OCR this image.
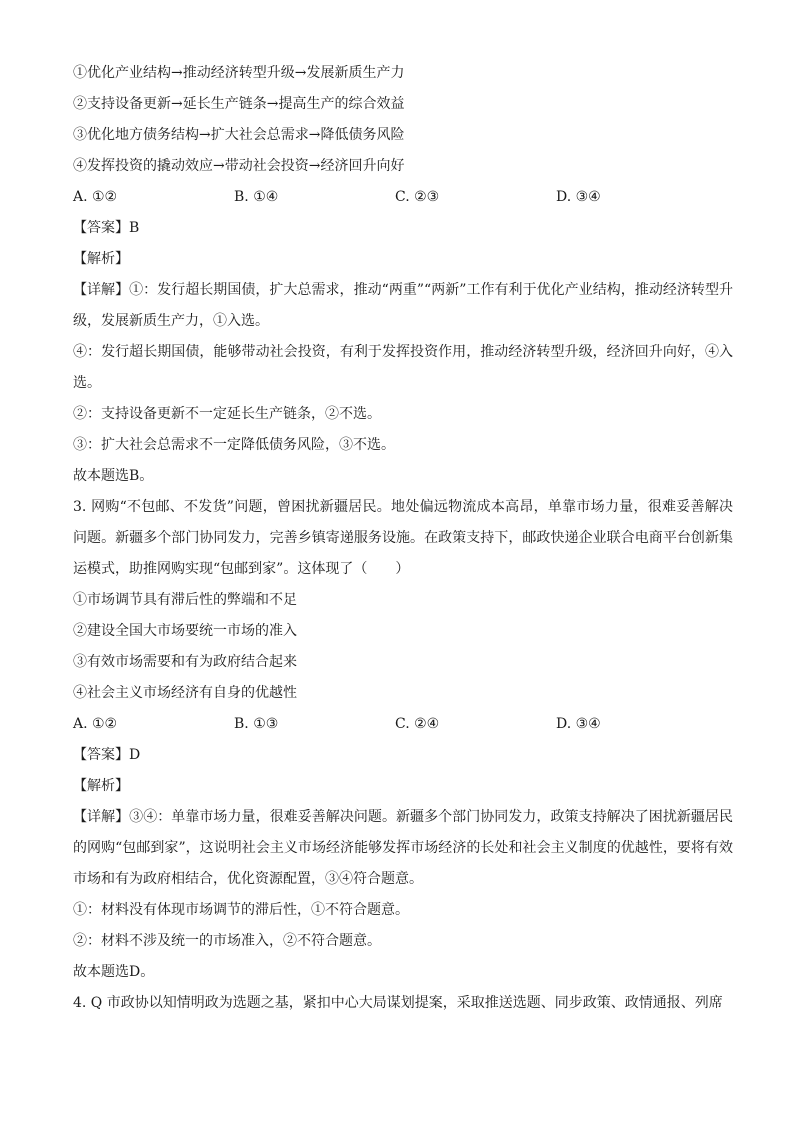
①优化产业结构→推动经济转型升级→发展新质生产力
②支持设备更新→延长生产链条→提高生产的综合效益
③优化地方债务结构→扩大社会总需求→降低债务风险
④发挥投资的撬动效应→带动社会投资→经济回升向好
A. ①②	B. ①④	C. ②③	D. ③④
【答案】B
【解析】
【详解】①：发行超长期国债，扩大总需求，推动“两重”“两新”工作有利于优化产业结构，推动经济转型升级，发展新质生产力，①入选。
④：发行超长期国债，能够带动社会投资，有利于发挥投资作用，推动经济转型升级，经济回升向好，④入选。
②：支持设备更新不一定延长生产链条，②不选。
③：扩大社会总需求不一定降低债务风险，③不选。
故本题选B。
3. 网购“不包邮、不发货”问题，曾困扰新疆居民。地处偏远物流成本高昂，单靠市场力量，很难妥善解决问题。新疆多个部门协同发力，完善乡镇寄递服务设施。在政策支持下，邮政快递企业联合电商平台创新集运模式，助推网购实现“包邮到家”。这体现了（　　）
①市场调节具有滞后性的弊端和不足
②建设全国大市场要统一市场的准入
③有效市场需要和有为政府结合起来
④社会主义市场经济有自身的优越性
A. ①②	B. ①③	C. ②④	D. ③④
【答案】D
【解析】
【详解】③④：单靠市场力量，很难妥善解决问题。新疆多个部门协同发力，政策支持解决了困扰新疆居民的网购“包邮到家”，这说明社会主义市场经济能够发挥市场经济的长处和社会主义制度的优越性，要将有效市场和有为政府相结合，优化资源配置，③④符合题意。
①：材料没有体现市场调节的滞后性，①不符合题意。
②：材料不涉及统一的市场准入，②不符合题意。
故本题选D。
4. Q 市政协以知情明政为选题之基，紧扣中心大局谋划提案，采取推送选题、同步政策、政情通报、列席
